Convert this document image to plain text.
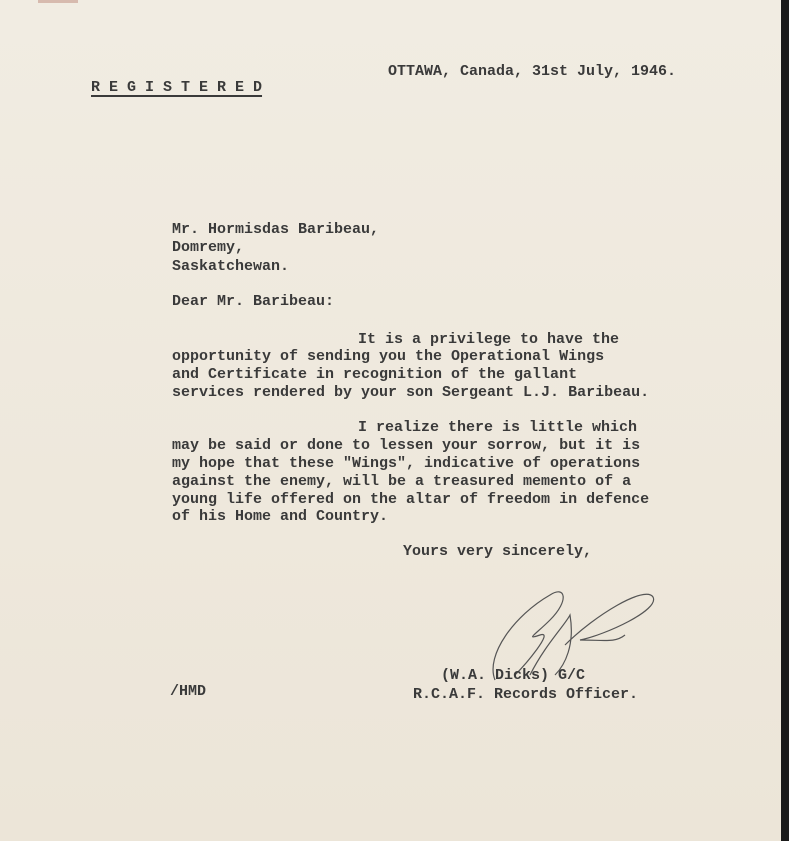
OTTAWA, Canada, 31st July, 1946.
R E G I S T E R E D
Mr. Hormisdas Baribeau,
Domremy,
Saskatchewan.
Dear Mr. Baribeau:
It is a privilege to have the
opportunity of sending you the Operational Wings
and Certificate in recognition of the gallant
services rendered by your son Sergeant L.J. Baribeau.
I realize there is little which
may be said or done to lessen your sorrow, but it is
my hope that these "Wings", indicative of operations
against the enemy, will be a treasured memento of a
young life offered on the altar of freedom in defence
of his Home and Country.
Yours very sincerely,
(W.A. Dicks) G/C
R.C.A.F. Records Officer.
/HMD
